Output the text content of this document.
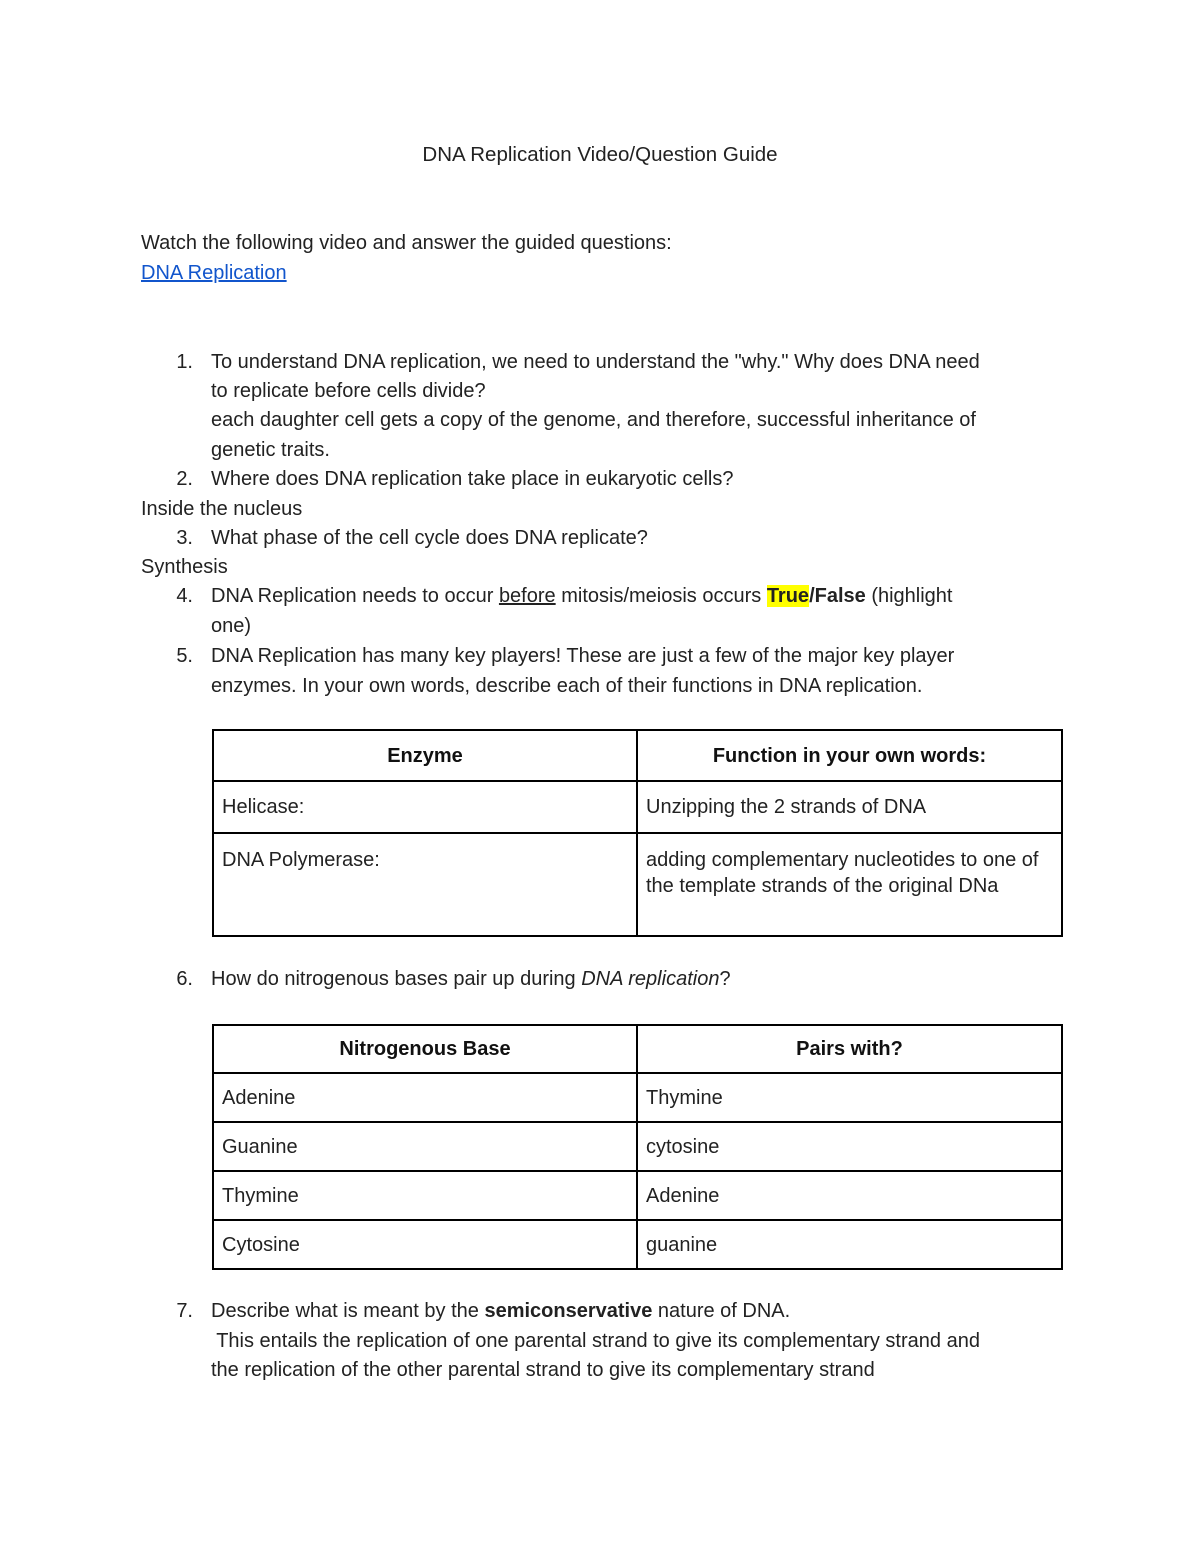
DNA Replication Video/Question Guide
Watch the following video and answer the guided questions:
DNA Replication
1. To understand DNA replication, we need to understand the "why." Why does DNA need
to replicate before cells divide?
each daughter cell gets a copy of the genome, and therefore, successful inheritance of
genetic traits.
2. Where does DNA replication take place in eukaryotic cells?
Inside the nucleus
3. What phase of the cell cycle does DNA replicate?
Synthesis
4. DNA Replication needs to occur before mitosis/meiosis occurs True/False (highlight
one)
5. DNA Replication has many key players! These are just a few of the major key player
enzymes. In your own words, describe each of their functions in DNA replication.
Enzyme	Function in your own words:
Helicase:	Unzipping the 2 strands of DNA
DNA Polymerase:	adding complementary nucleotides to one of the template strands of the original DNa
6. How do nitrogenous bases pair up during DNA replication?
Nitrogenous Base	Pairs with?
Adenine	Thymine
Guanine	cytosine
Thymine	Adenine
Cytosine	guanine
7. Describe what is meant by the semiconservative nature of DNA.
This entails the replication of one parental strand to give its complementary strand and
the replication of the other parental strand to give its complementary strand
